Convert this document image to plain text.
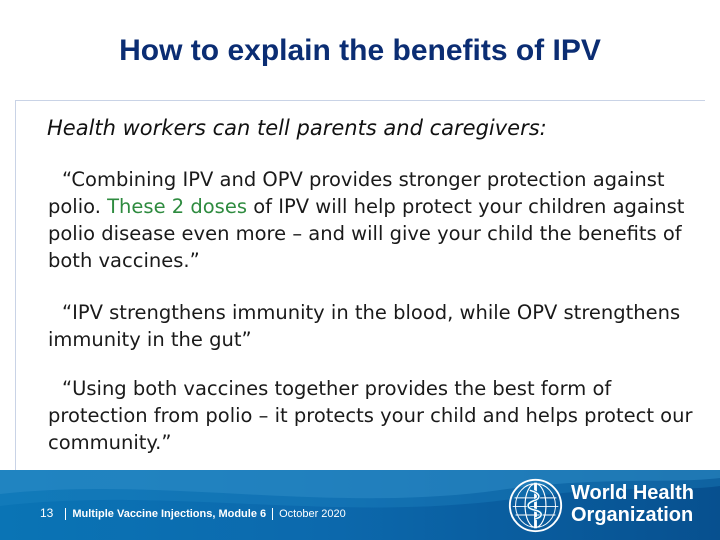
How to explain the benefits of IPV
Health workers can tell parents and caregivers:
“Combining IPV and OPV provides stronger protection against polio. These 2 doses of IPV will help protect your children against polio disease even more – and will give your child the benefits of both vaccines.”
“IPV strengthens immunity in the blood, while OPV strengthens immunity in the gut”
“Using both vaccines together provides the best form of protection from polio – it protects your child and helps protect our community.”
13 Multiple Vaccine Injections, Module 6 October 2020
World Health
Organization
